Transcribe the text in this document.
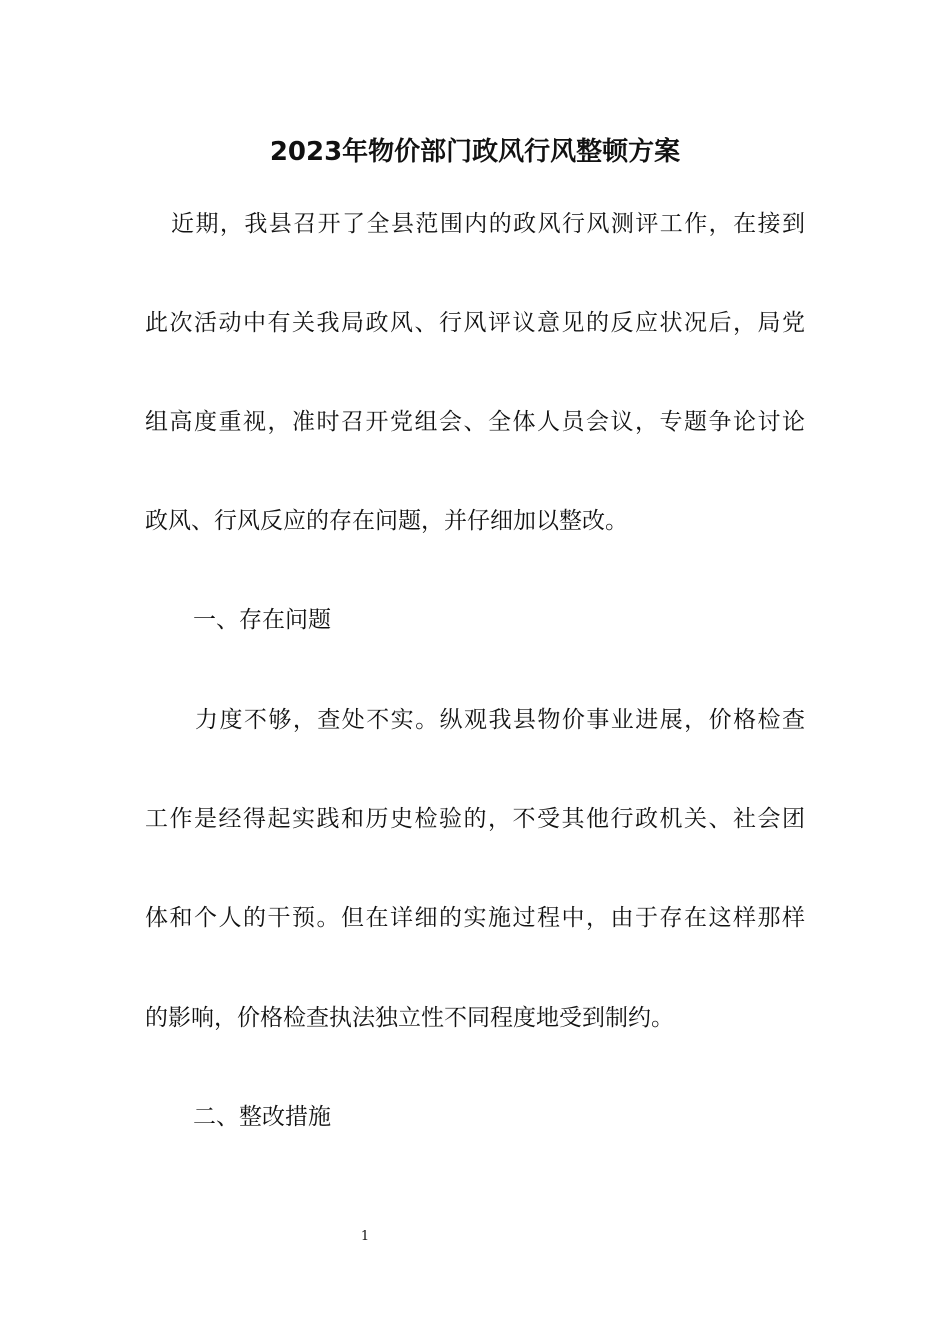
2023年物价部门政风行风整顿方案
近期，我县召开了全县范围内的政风行风测评工作，在接到
此次活动中有关我局政风、行风评议意见的反应状况后，局党
组高度重视，准时召开党组会、全体人员会议，专题争论讨论
政风、行风反应的存在问题，并仔细加以整改。
一、存在问题
力度不够，查处不实。纵观我县物价事业进展，价格检查
工作是经得起实践和历史检验的，不受其他行政机关、社会团
体和个人的干预。但在详细的实施过程中，由于存在这样那样
的影响，价格检查执法独立性不同程度地受到制约。
二、整改措施
1
